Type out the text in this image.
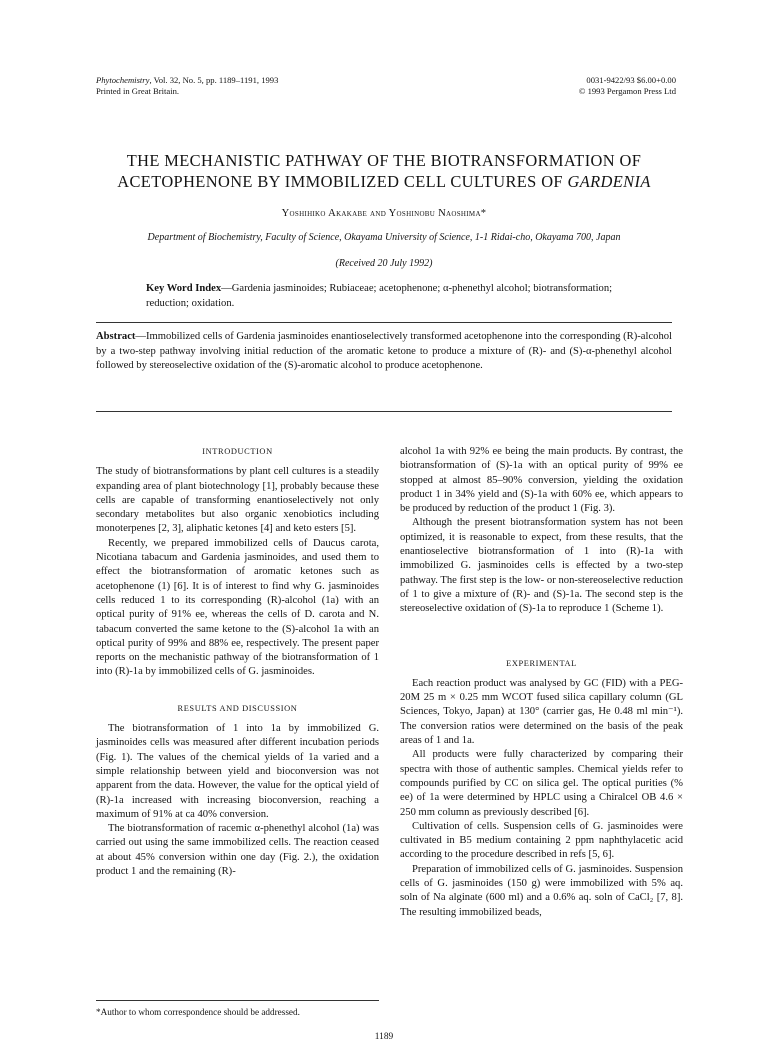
Phytochemistry, Vol. 32, No. 5, pp. 1189–1191, 1993
Printed in Great Britain.
0031-9422/93 $6.00+0.00
© 1993 Pergamon Press Ltd
THE MECHANISTIC PATHWAY OF THE BIOTRANSFORMATION OF
ACETOPHENONE BY IMMOBILIZED CELL CULTURES OF GARDENIA
Yoshihiko Akakabe and Yoshinobu Naoshima*
Department of Biochemistry, Faculty of Science, Okayama University of Science, 1-1 Ridai-cho, Okayama 700, Japan
(Received 20 July 1992)
Key Word Index—Gardenia jasminoides; Rubiaceae; acetophenone; α-phenethyl alcohol; biotransformation; reduction; oxidation.
Abstract—Immobilized cells of Gardenia jasminoides enantioselectively transformed acetophenone into the corresponding (R)-alcohol by a two-step pathway involving initial reduction of the aromatic ketone to produce a mixture of (R)- and (S)-α-phenethyl alcohol followed by stereoselective oxidation of the (S)-aromatic alcohol to produce acetophenone.
INTRODUCTION

The study of biotransformations by plant cell cultures is a steadily expanding area of plant biotechnology [1], probably because these cells are capable of transforming enantioselectively not only secondary metabolites but also organic xenobiotics including monoterpenes [2, 3], aliphatic ketones [4] and keto esters [5].

Recently, we prepared immobilized cells of Daucus carota, Nicotiana tabacum and Gardenia jasminoides, and used them to effect the biotransformation of aromatic ketones such as acetophenone (1) [6]. It is of interest to find why G. jasminoides cells reduced 1 to its corresponding (R)-alcohol (1a) with an optical purity of 91% ee, whereas the cells of D. carota and N. tabacum converted the same ketone to the (S)-alcohol 1a with an optical purity of 99% and 88% ee, respectively. The present paper reports on the mechanistic pathway of the biotransformation of 1 into (R)-1a by immobilized cells of G. jasminoides.

RESULTS AND DISCUSSION

The biotransformation of 1 into 1a by immobilized G. jasminoides cells was measured after different incubation periods (Fig. 1). The values of the chemical yields of 1a varied and a simple relationship between yield and bioconversion was not apparent from the data. However, the value for the optical yield of (R)-1a increased with increasing bioconversion, reaching a maximum of 91% at ca 40% conversion.

The biotransformation of racemic α-phenethyl alcohol (1a) was carried out using the same immobilized cells. The reaction ceased at about 45% conversion within one day (Fig. 2.), the oxidation product 1 and the remaining (R)-

alcohol 1a with 92% ee being the main products. By contrast, the biotransformation of (S)-1a with an optical purity of 99% ee stopped at almost 85–90% conversion, yielding the oxidation product 1 in 34% yield and (S)-1a with 60% ee, which appears to be produced by reduction of the product 1 (Fig. 3).

Although the present biotransformation system has not been optimized, it is reasonable to expect, from these results, that the enantioselective biotransformation of 1 into (R)-1a with immobilized G. jasminoides cells is effected by a two-step pathway. The first step is the low- or non-stereoselective reduction of 1 to give a mixture of (R)- and (S)-1a. The second step is the stereoselective oxidation of (S)-1a to reproduce 1 (Scheme 1).

EXPERIMENTAL

Each reaction product was analysed by GC (FID) with a PEG-20M 25 m × 0.25 mm WCOT fused silica capillary column (GL Sciences, Tokyo, Japan) at 130° (carrier gas, He 0.48 ml min⁻¹). The conversion ratios were determined on the basis of the peak areas of 1 and 1a.

All products were fully characterized by comparing their spectra with those of authentic samples. Chemical yields refer to compounds purified by CC on silica gel. The optical purities (% ee) of 1a were determined by HPLC using a Chiralcel OB 4.6 × 250 mm column as previously described [6].

Cultivation of cells. Suspension cells of G. jasminoides were cultivated in B5 medium containing 2 ppm naphthylacetic acid according to the procedure described in refs [5, 6].

Preparation of immobilized cells of G. jasminoides. Suspension cells of G. jasminoides (150 g) were immobilized with 5% aq. soln of Na alginate (600 ml) and a 0.6% aq. soln of CaCl₂ [7, 8]. The resulting immobilized beads,

*Author to whom correspondence should be addressed.
1189
